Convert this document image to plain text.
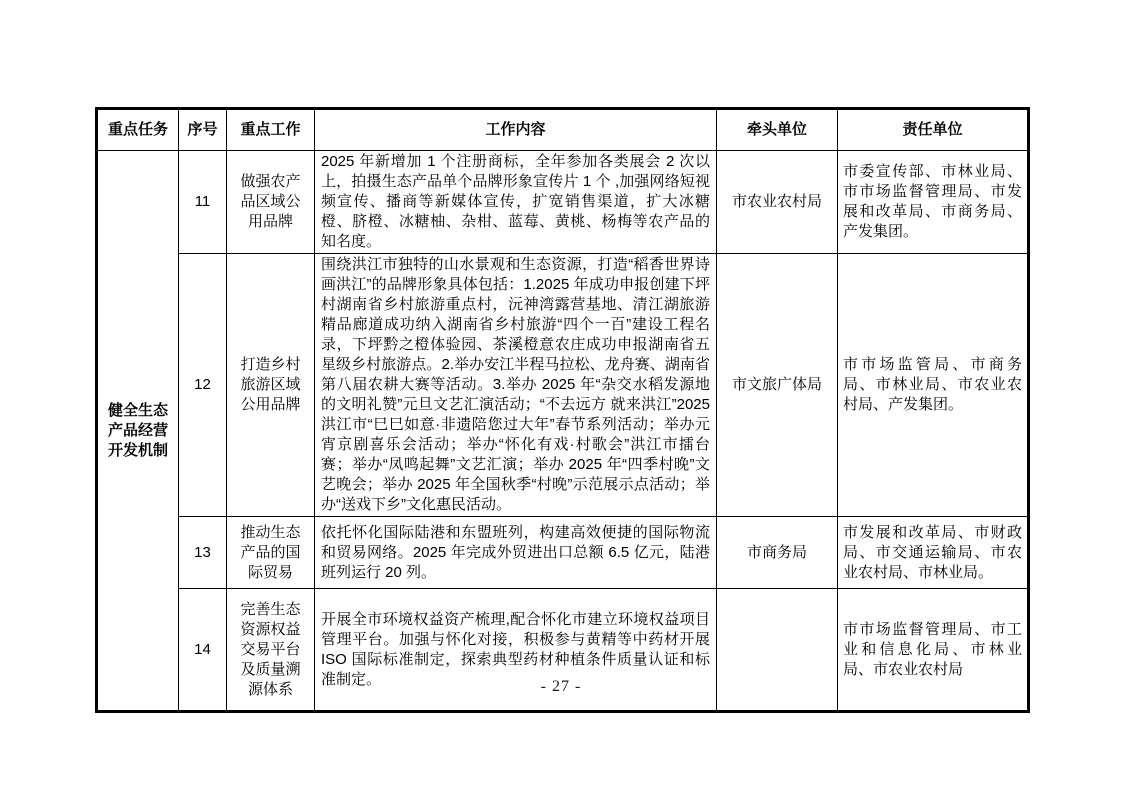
重点任务	序号	重点工作	工作内容	牵头单位	责任单位
健全生态产品经营开发机制	11	做强农产品区域公用品牌	2025 年新增加 1 个注册商标，全年参加各类展会 2 次以上，拍摄生态产品单个品牌形象宣传片 1 个 ,加强网络短视频宣传、播商等新媒体宣传，扩宽销售渠道，扩大冰糖橙、脐橙、冰糖柚、杂柑、蓝莓、黄桃、杨梅等农产品的知名度。	市农业农村局	市委宣传部、市林业局、市市场监督管理局、市发展和改革局、市商务局、产发集团。
	12	打造乡村旅游区域公用品牌	围绕洪江市独特的山水景观和生态资源，打造“稻香世界诗画洪江”的品牌形象具体包括：1.2025 年成功申报创建下坪村湖南省乡村旅游重点村，沅神湾露营基地、清江湖旅游精品廊道成功纳入湖南省乡村旅游“四个一百”建设工程名录，下坪黔之橙体验园、茶溪橙意农庄成功申报湖南省五星级乡村旅游点。2.举办安江半程马拉松、龙舟赛、湖南省第八届农耕大赛等活动。3.举办 2025 年“杂交水稻发源地的文明礼赞”元旦文艺汇演活动；“不去远方 就来洪江”2025 洪江市“巳巳如意·非遗陪您过大年”春节系列活动；举办元宵京剧喜乐会活动；举办“怀化有戏·村歌会”洪江市擂台赛；举办“凤鸣起舞”文艺汇演；举办 2025 年“四季村晚”文艺晚会；举办 2025 年全国秋季“村晚”示范展示点活动；举办“送戏下乡”文化惠民活动。	市文旅广体局	市市场监管局、市商务局、市林业局、市农业农村局、产发集团。
	13	推动生态产品的国际贸易	依托怀化国际陆港和东盟班列，构建高效便捷的国际物流和贸易网络。2025 年完成外贸进出口总额 6.5 亿元，陆港班列运行 20 列。	市商务局	市发展和改革局、市财政局、市交通运输局、市农业农村局、市林业局。
	14	完善生态资源权益交易平台及质量溯源体系	开展全市环境权益资产梳理,配合怀化市建立环境权益项目管理平台。加强与怀化对接，积极参与黄精等中药材开展 ISO 国际标准制定，探索典型药材种植条件质量认证和标准制定。		市市场监督管理局、市工业和信息化局、市林业局、市农业农村局
- 27 -
